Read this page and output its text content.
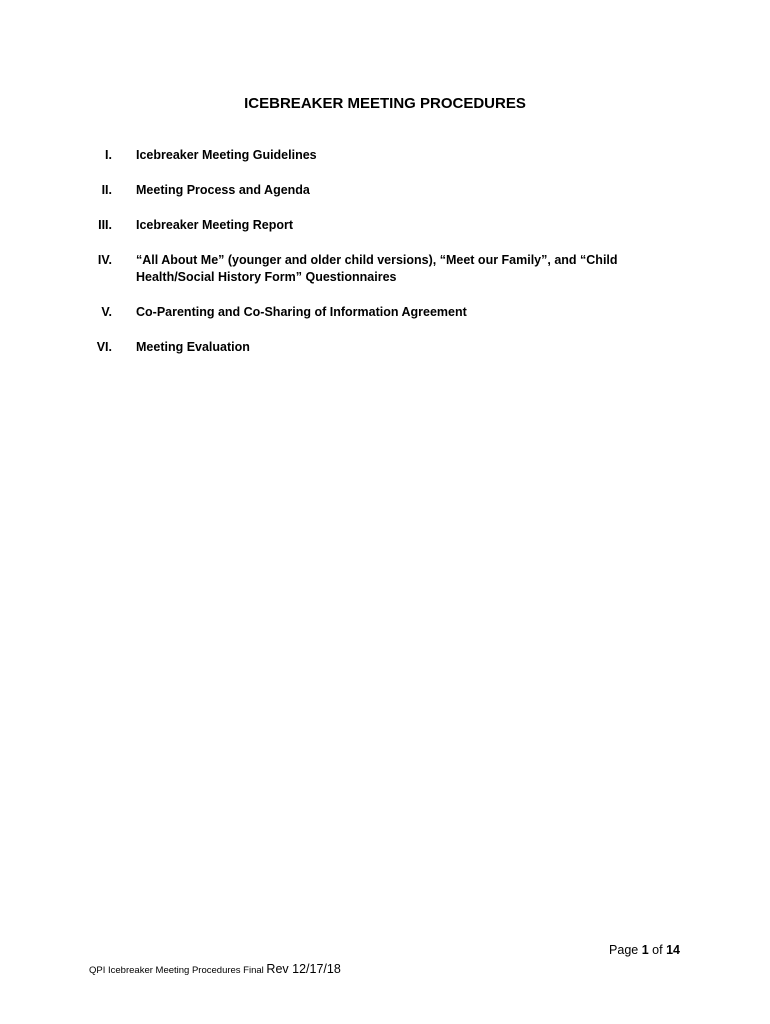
ICEBREAKER MEETING PROCEDURES
I. Icebreaker Meeting Guidelines
II. Meeting Process and Agenda
III. Icebreaker Meeting Report
IV. “All About Me” (younger and older child versions), “Meet our Family”, and “Child Health/Social History Form” Questionnaires
V. Co-Parenting and Co-Sharing of Information Agreement
VI. Meeting Evaluation
Page 1 of 14
QPI Icebreaker Meeting Procedures Final Rev 12/17/18
